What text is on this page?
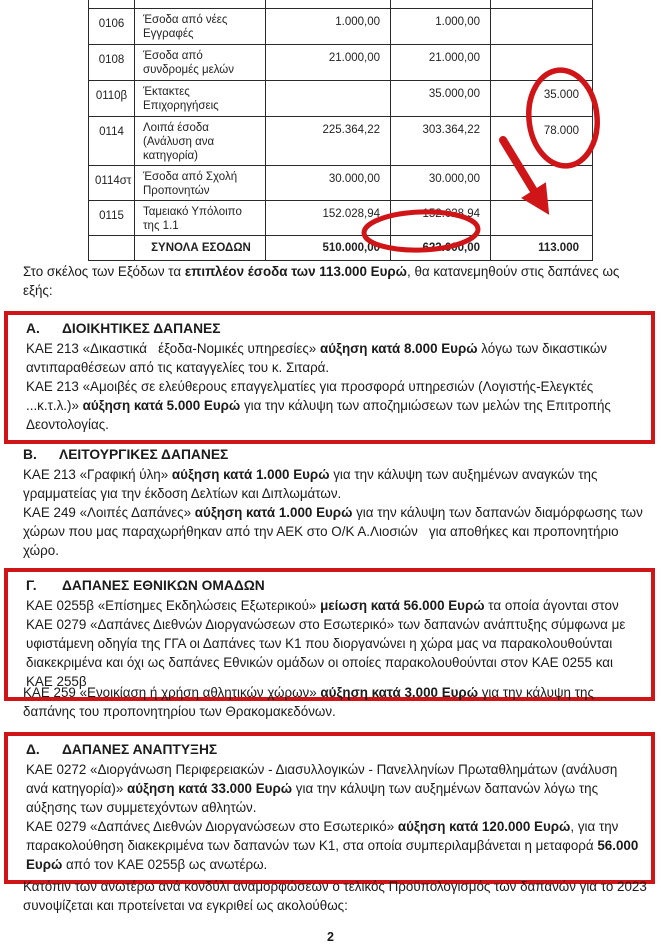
0106	Έσοδα από νέες Εγγραφές	1.000,00	1.000,00	
0108	Έσοδα από συνδρομές μελών	21.000,00	21.000,00	
0110β	Έκτακτες Επιχορηγήσεις		35.000,00	35.000
0114	Λοιπά έσοδα (Ανάλυση ανα κατηγορία)	225.364,22	303.364,22	78.000
0114στ	Έσοδα από Σχολή Προπονητών	30.000,00	30.000,00	
0115	Ταμειακό Υπόλοιπο της 1.1	152.028,94	152.028,94	
	ΣΥΝΟΛΑ ΕΣΟΔΩΝ	510.000,00	623.000,00	113.000
Στο σκέλος των Εξόδων τα επιπλέον έσοδα των 113.000 Ευρώ, θα κατανεμηθούν στις δαπάνες ως εξής:
Α. ΔΙΟΙΚΗΤΙΚΕΣ ΔΑΠΑΝΕΣ

ΚΑΕ 213 «Δικαστικά   έξοδα-Νομικές υπηρεσίες» αύξηση κατά 8.000 Ευρώ λόγω των δικαστικών αντιπαραθέσεων από τις καταγγελίες του κ. Σιταρά.

ΚΑΕ 213 «Αμοιβές σε ελεύθερους επαγγελματίες για προσφορά υπηρεσιών (Λογιστής-Ελεγκτές ...κ.τ.λ.)» αύξηση κατά 5.000 Ευρώ για την κάλυψη των αποζημιώσεων των μελών της Επιτροπής Δεοντολογίας.

Β. ΛΕΙΤΟΥΡΓΙΚΕΣ ΔΑΠΑΝΕΣ

ΚΑΕ 213 «Γραφική ύλη» αύξηση κατά 1.000 Ευρώ για την κάλυψη των αυξημένων αναγκών της γραμματείας για την έκδοση Δελτίων και Διπλωμάτων.

ΚΑΕ 249 «Λοιπές Δαπάνες» αύξηση κατά 1.000 Ευρώ για την κάλυψη των δαπανών διαμόρφωσης των χώρων που μας παραχωρήθηκαν από την ΑΕΚ στο Ο/Κ Α.Λιοσιών   για αποθήκες και προπονητήριο χώρο.

Γ. ΔΑΠΑΝΕΣ ΕΘΝΙΚΩΝ ΟΜΑΔΩΝ

ΚΑΕ 0255β «Επίσημες Εκδηλώσεις Εξωτερικού» μείωση κατά 56.000 Ευρώ τα οποία άγονται στον ΚΑΕ 0279 «Δαπάνες Διεθνών Διοργανώσεων στο Εσωτερικό» των δαπανών ανάπτυξης σύμφωνα με υφιστάμενη οδηγία της ΓΓΑ οι Δαπάνες των Κ1 που διοργανώνει η χώρα μας να παρακολουθούνται διακεκριμένα και όχι ως δαπάνες Εθνικών ομάδων οι οποίες παρακολουθούνται στον ΚΑΕ 0255 και ΚΑΕ 255β

ΚΑΕ 259 «Ενοικίαση ή χρήση αθλητικών χώρων» αύξηση κατά 3.000 Ευρώ για την κάλυψη της δαπάνης του προπονητηρίου των Θρακομακεδόνων.
Δ. ΔΑΠΑΝΕΣ ΑΝΑΠΤΥΞΗΣ

ΚΑΕ 0272 «Διοργάνωση Περιφερειακών - Διασυλλογικών - Πανελληνίων Πρωταθλημάτων (ανάλυση ανά κατηγορία)» αύξηση κατά 33.000 Ευρώ για την κάλυψη των αυξημένων δαπανών λόγω της αύξησης των συμμετεχόντων αθλητών.

ΚΑΕ 0279 «Δαπάνες Διεθνών Διοργανώσεων στο Εσωτερικό» αύξηση κατά 120.000 Ευρώ, για την παρακολούθηση διακεκριμένα των δαπανών των Κ1, στα οποία συμπεριλαμβάνεται η μεταφορά 56.000 Ευρώ από τον ΚΑΕ 0255β ως ανωτέρω.

Κατόπιν των ανωτέρω ανά κονδύλι αναμορφώσεων ο τελικός Προϋπολογισμός των δαπανών για το 2023 συνοψίζεται και προτείνεται να εγκριθεί ως ακολούθως:
2
